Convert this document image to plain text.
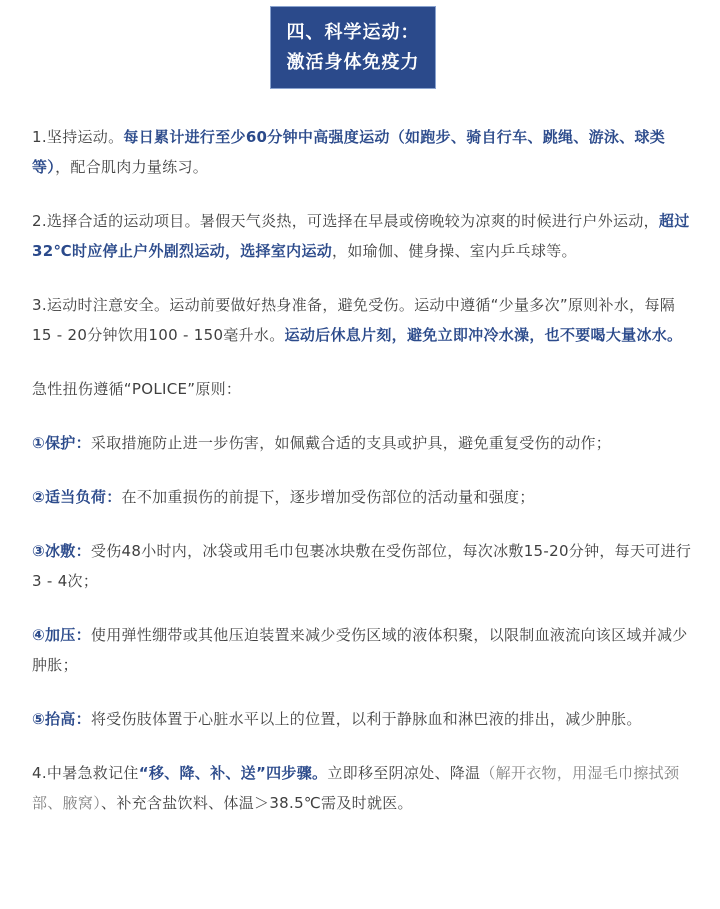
四、科学运动：
激活身体免疫力

1.坚持运动。每日累计进行至少60分钟中高强度运动（如跑步、骑自行车、跳绳、游泳、球类等），配合肌肉力量练习。

2.选择合适的运动项目。暑假天气炎热，可选择在早晨或傍晚较为凉爽的时候进行户外运动，超过32℃时应停止户外剧烈运动，选择室内运动，如瑜伽、健身操、室内乒乓球等。

3.运动时注意安全。运动前要做好热身准备，避免受伤。运动中遵循“少量多次”原则补水，每隔15 - 20分钟饮用100 - 150毫升水。运动后休息片刻，避免立即冲冷水澡，也不要喝大量冰水。

急性扭伤遵循“POLICE”原则：

①保护：采取措施防止进一步伤害，如佩戴合适的支具或护具，避免重复受伤的动作；

②适当负荷：在不加重损伤的前提下，逐步增加受伤部位的活动量和强度；

③冰敷：受伤48小时内，冰袋或用毛巾包裹冰块敷在受伤部位，每次冰敷15-20分钟，每天可进行3 - 4次；

④加压：使用弹性绷带或其他压迫装置来减少受伤区域的液体积聚，以限制血液流向该区域并减少肿胀；

⑤抬高：将受伤肢体置于心脏水平以上的位置，以利于静脉血和淋巴液的排出，减少肿胀。

4.中暑急救记住“移、降、补、送”四步骤。立即移至阴凉处、降温（解开衣物，用湿毛巾擦拭颈部、腋窝）、补充含盐饮料、体温＞38.5℃需及时就医。
